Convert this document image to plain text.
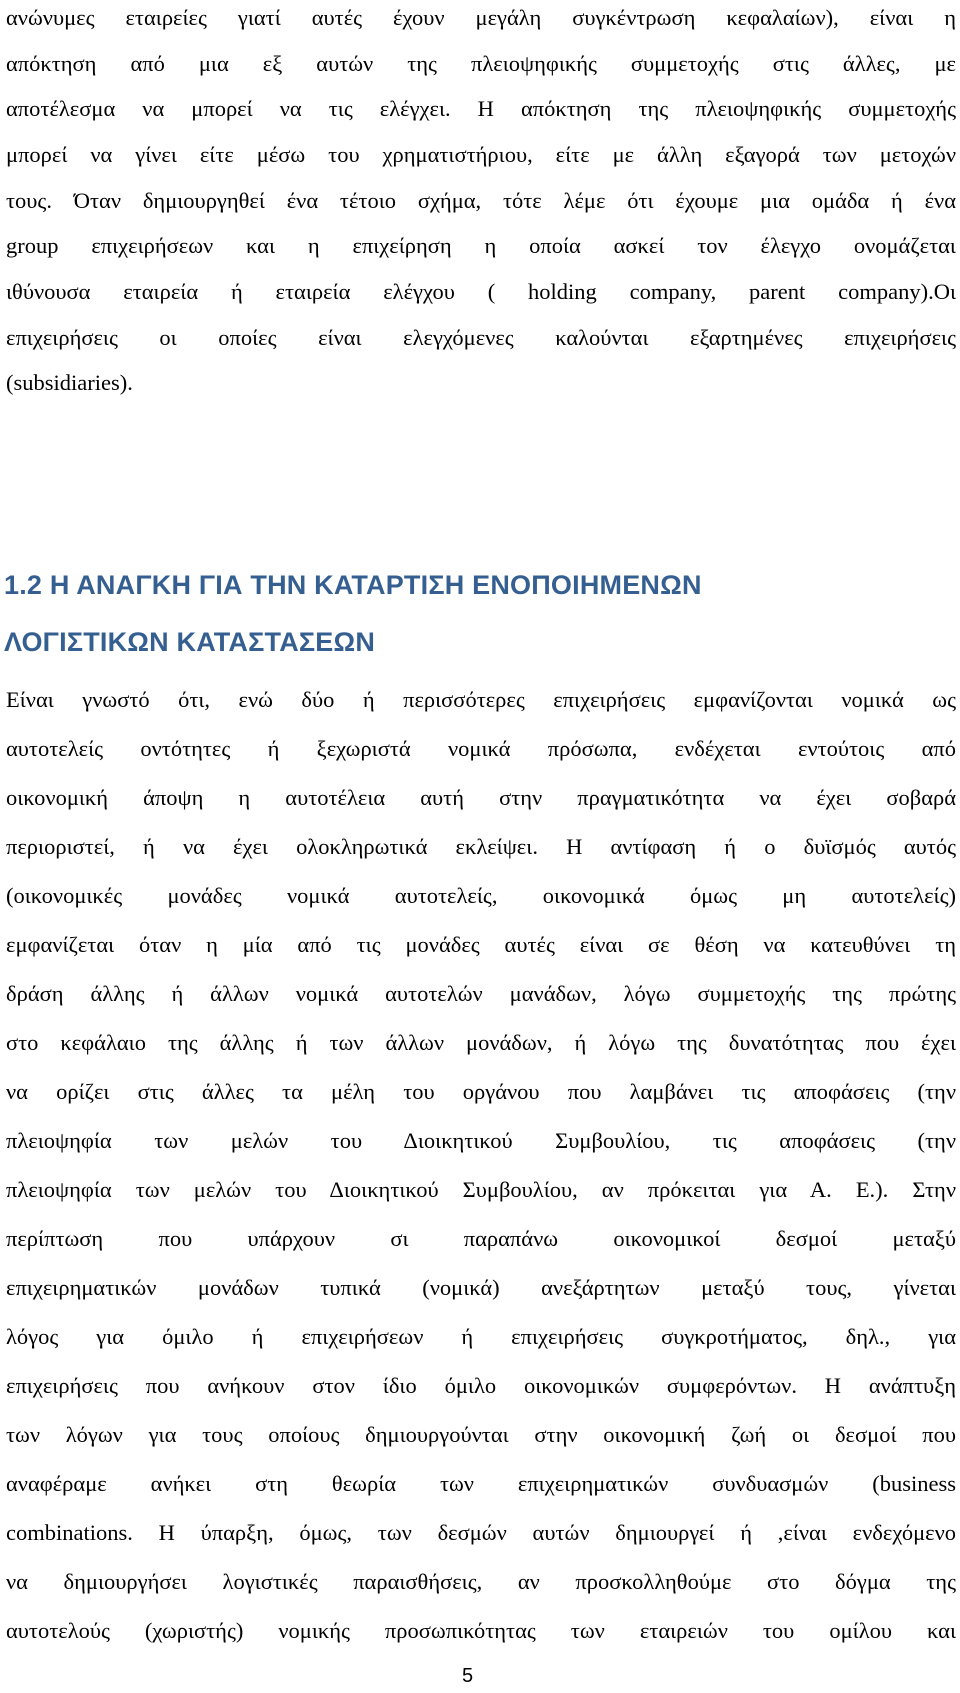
ανώνυμες εταιρείες γιατί αυτές έχουν μεγάλη συγκέντρωση κεφαλαίων), είναι η
απόκτηση από μια εξ αυτών της πλειοψηφικής συμμετοχής στις άλλες, με
αποτέλεσμα να μπορεί να τις ελέγχει. Η απόκτηση της πλειοψηφικής συμμετοχής
μπορεί να γίνει είτε μέσω του χρηματιστήριου, είτε με άλλη εξαγορά των μετοχών
τους. Όταν δημιουργηθεί ένα τέτοιο σχήμα, τότε λέμε ότι έχουμε μια ομάδα ή ένα
group επιχειρήσεων και η επιχείρηση η οποία ασκεί τον έλεγχο ονομάζεται
ιθύνουσα εταιρεία ή εταιρεία ελέγχου ( holding company, parent company).Οι
επιχειρήσεις οι οποίες είναι ελεγχόμενες καλούνται εξαρτημένες επιχειρήσεις
(subsidiaries).
1.2 Η ΑΝΑΓΚΗ ΓΙΑ ΤΗΝ ΚΑΤΑΡΤΙΣΗ ΕΝΟΠΟΙΗΜΕΝΩΝ
ΛΟΓΙΣΤΙΚΩΝ ΚΑΤΑΣΤΑΣΕΩΝ
Είναι γνωστό ότι, ενώ δύο ή περισσότερες επιχειρήσεις εμφανίζονται νομικά ως
αυτοτελείς οντότητες ή ξεχωριστά νομικά πρόσωπα, ενδέχεται εντούτοις από
οικονομική άποψη η αυτοτέλεια αυτή στην πραγματικότητα να έχει σοβαρά
περιοριστεί, ή να έχει ολοκληρωτικά εκλείψει. Η αντίφαση ή ο δυϊσμός αυτός
(οικονομικές μονάδες νομικά αυτοτελείς, οικονομικά όμως μη αυτοτελείς)
εμφανίζεται όταν η μία από τις μονάδες αυτές είναι σε θέση να κατευθύνει τη
δράση άλλης ή άλλων νομικά αυτοτελών μανάδων, λόγω συμμετοχής της πρώτης
στο κεφάλαιο της άλλης ή των άλλων μονάδων, ή λόγω της δυνατότητας που έχει
να ορίζει στις άλλες τα μέλη του οργάνου που λαμβάνει τις αποφάσεις (την
πλειοψηφία των μελών του Διοικητικού Συμβουλίου, τις αποφάσεις (την
πλειοψηφία των μελών του Διοικητικού Συμβουλίου, αν πρόκειται για Α. Ε.). Στην
περίπτωση που υπάρχουν σι παραπάνω οικονομικοί δεσμοί μεταξύ
επιχειρηματικών μονάδων τυπικά (νομικά) ανεξάρτητων μεταξύ τους, γίνεται
λόγος για όμιλο ή επιχειρήσεων ή επιχειρήσεις συγκροτήματος, δηλ., για
επιχειρήσεις που ανήκουν στον ίδιο όμιλο οικονομικών συμφερόντων. Η ανάπτυξη
των λόγων για τους οποίους δημιουργούνται στην οικονομική ζωή οι δεσμοί που
αναφέραμε ανήκει στη θεωρία των επιχειρηματικών συνδυασμών (business
combinations. Η ύπαρξη, όμως, των δεσμών αυτών δημιουργεί ή ,είναι ενδεχόμενο
να δημιουργήσει λογιστικές παραισθήσεις, αν προσκολληθούμε στο δόγμα της
αυτοτελούς (χωριστής) νομικής προσωπικότητας των εταιρειών του ομίλου και
5
